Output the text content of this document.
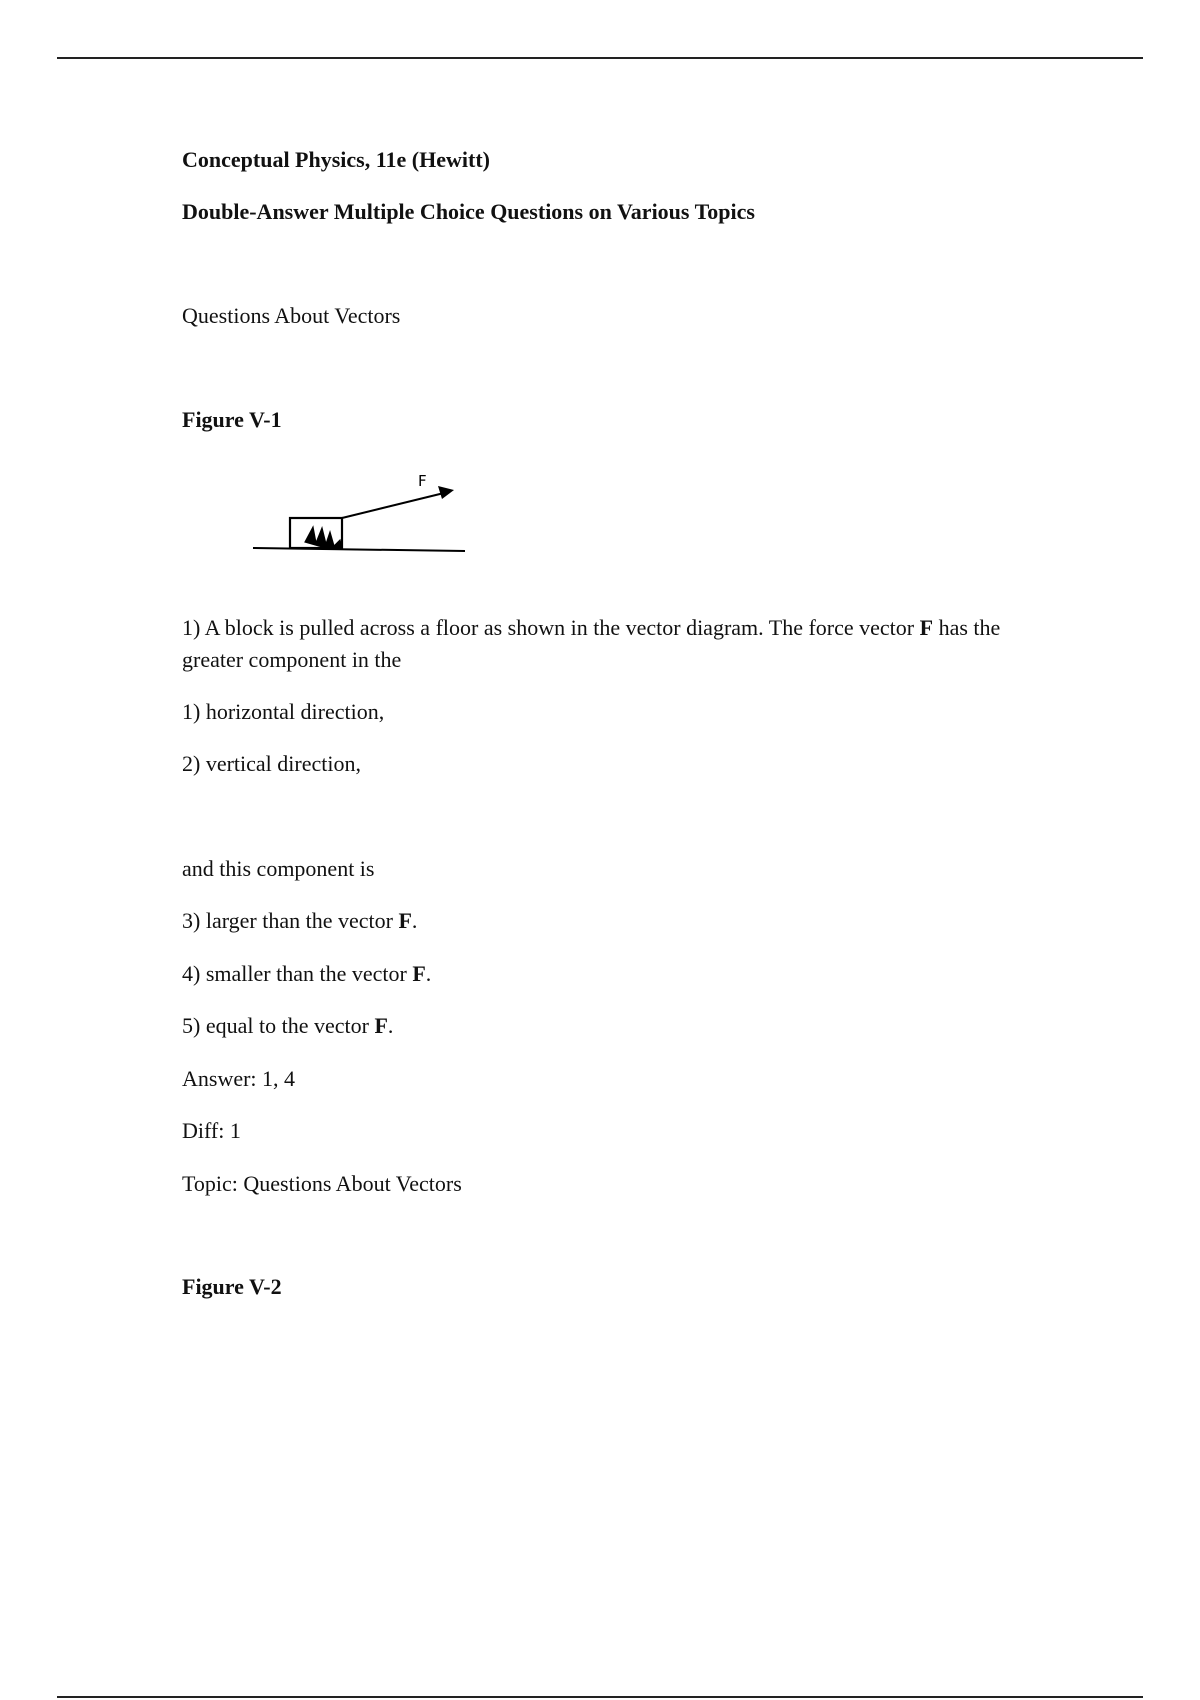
Conceptual Physics, 11e (Hewitt)

Double-Answer Multiple Choice Questions on Various Topics

Questions About Vectors

Figure V-1

F

1) A block is pulled across a floor as shown in the vector diagram. The force vector F has the greater component in the

1) horizontal direction,

2) vertical direction,

and this component is

3) larger than the vector F.

4) smaller than the vector F.

5) equal to the vector F.

Answer: 1, 4

Diff: 1

Topic: Questions About Vectors

Figure V-2
